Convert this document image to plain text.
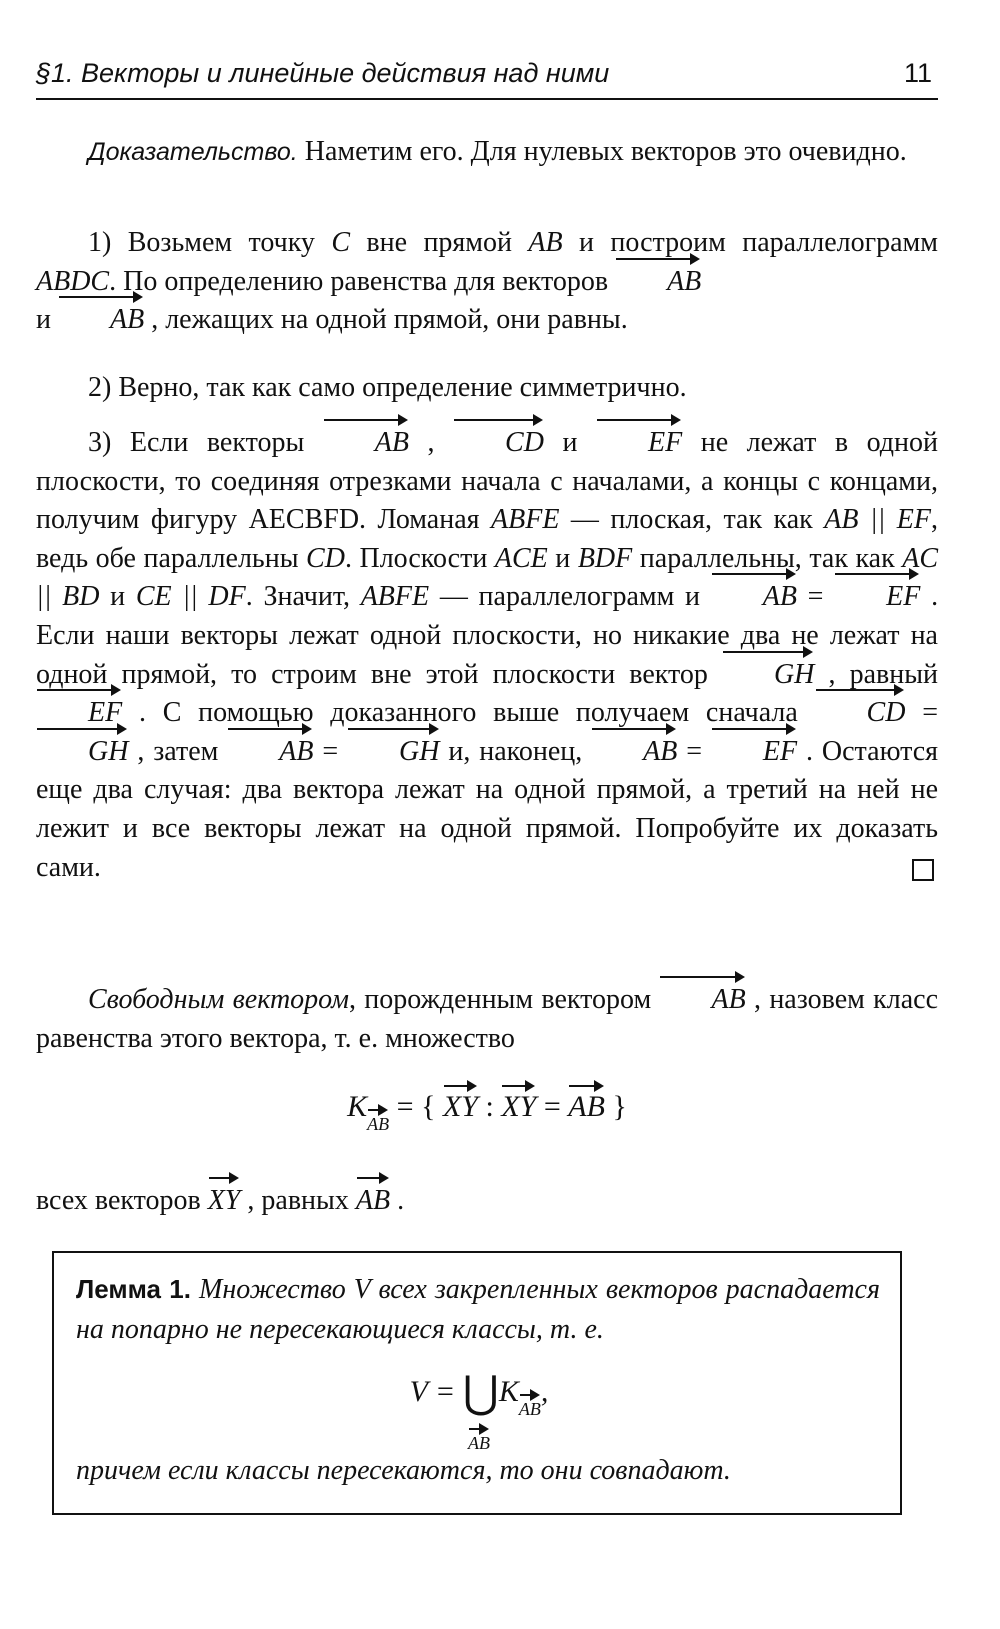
§1. Векторы и линейные действия над ними	11
Доказательство. Наметим его. Для нулевых векторов это очевидно.
1) Возьмем точку C вне прямой AB и построим параллелограмм ABDC. По определению равенства для векторов AB
и AB , лежащих на одной прямой, они равны.
2) Верно, так как само определение симметрично.
3) Если векторы AB , CD и EF не лежат в одной плоскости, то соединяя отрезками начала с началами, а концы с концами, получим фигуру AECBFD. Ломаная ABFE — плоская, так как AB || EF, ведь обе параллельны CD. Плоскости ACE и BDF параллельны, так как AC || BD и CE || DF. Значит, ABFE — параллелограмм и AB = EF . Если наши векторы лежат одной плоскости, но никакие два не лежат на одной прямой, то строим вне этой плоскости вектор GH , равный EF . С помощью доказанного выше получаем сначала CD = GH , затем AB = GH и, наконец, AB = EF . Остаются еще два случая: два вектора лежат на одной прямой, а третий на ней не лежит и все векторы лежат на одной прямой. Попробуйте их доказать сами.
Свободным вектором, порожденным вектором AB , назовем класс равенства этого вектора, т. е. множество
KAB = { XY : XY = AB }
всех векторов XY , равных AB .
Лемма 1. Множество V всех закрепленных векторов распадается на попарно не пересекающиеся классы, т. е.
V = ⋃KAB,
AB
причем если классы пересекаются, то они совпадают.
